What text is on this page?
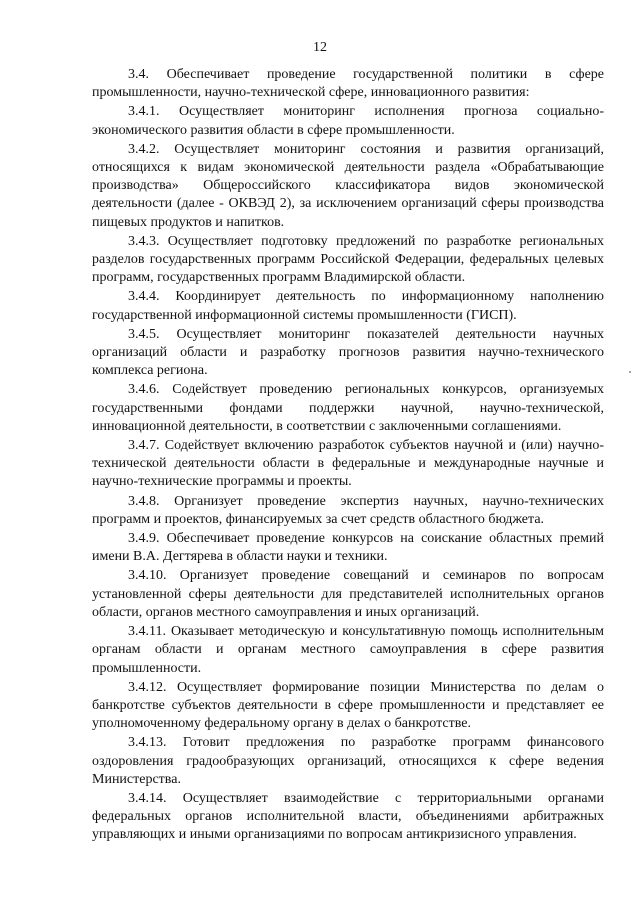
12

3.4. Обеспечивает проведение государственной политики в сфере промышленности, научно-технической сфере, инновационного развития:

3.4.1. Осуществляет мониторинг исполнения прогноза социально-экономического развития области в сфере промышленности.

3.4.2. Осуществляет мониторинг состояния и развития организаций, относящихся к видам экономической деятельности раздела «Обрабатывающие производства» Общероссийского классификатора видов экономической деятельности (далее - ОКВЭД 2), за исключением организаций сферы производства пищевых продуктов и напитков.

3.4.3. Осуществляет подготовку предложений по разработке региональных разделов государственных программ Российской Федерации, федеральных целевых программ, государственных программ Владимирской области.

3.4.4. Координирует деятельность по информационному наполнению государственной информационной системы промышленности (ГИСП).

3.4.5. Осуществляет мониторинг показателей деятельности научных организаций области и разработку прогнозов развития научно-технического комплекса региона.

3.4.6. Содействует проведению региональных конкурсов, организуемых государственными фондами поддержки научной, научно-технической, инновационной деятельности, в соответствии с заключенными соглашениями.

3.4.7. Содействует включению разработок субъектов научной и (или) научно-технической деятельности области в федеральные и международные научные и научно-технические программы и проекты.

3.4.8. Организует проведение экспертиз научных, научно-технических программ и проектов, финансируемых за счет средств областного бюджета.

3.4.9. Обеспечивает проведение конкурсов на соискание областных премий имени В.А. Дегтярева в области науки и техники.

3.4.10. Организует проведение совещаний и семинаров по вопросам установленной сферы деятельности для представителей исполнительных органов области, органов местного самоуправления и иных организаций.

3.4.11. Оказывает методическую и консультативную помощь исполнительным органам области и органам местного самоуправления в сфере развития промышленности.

3.4.12. Осуществляет формирование позиции Министерства по делам о банкротстве субъектов деятельности в сфере промышленности и представляет ее уполномоченному федеральному органу в делах о банкротстве.

3.4.13. Готовит предложения по разработке программ финансового оздоровления градообразующих организаций, относящихся к сфере ведения Министерства.

3.4.14. Осуществляет взаимодействие с территориальными органами федеральных органов исполнительной власти, объединениями арбитражных управляющих и иными организациями по вопросам антикризисного управления.
